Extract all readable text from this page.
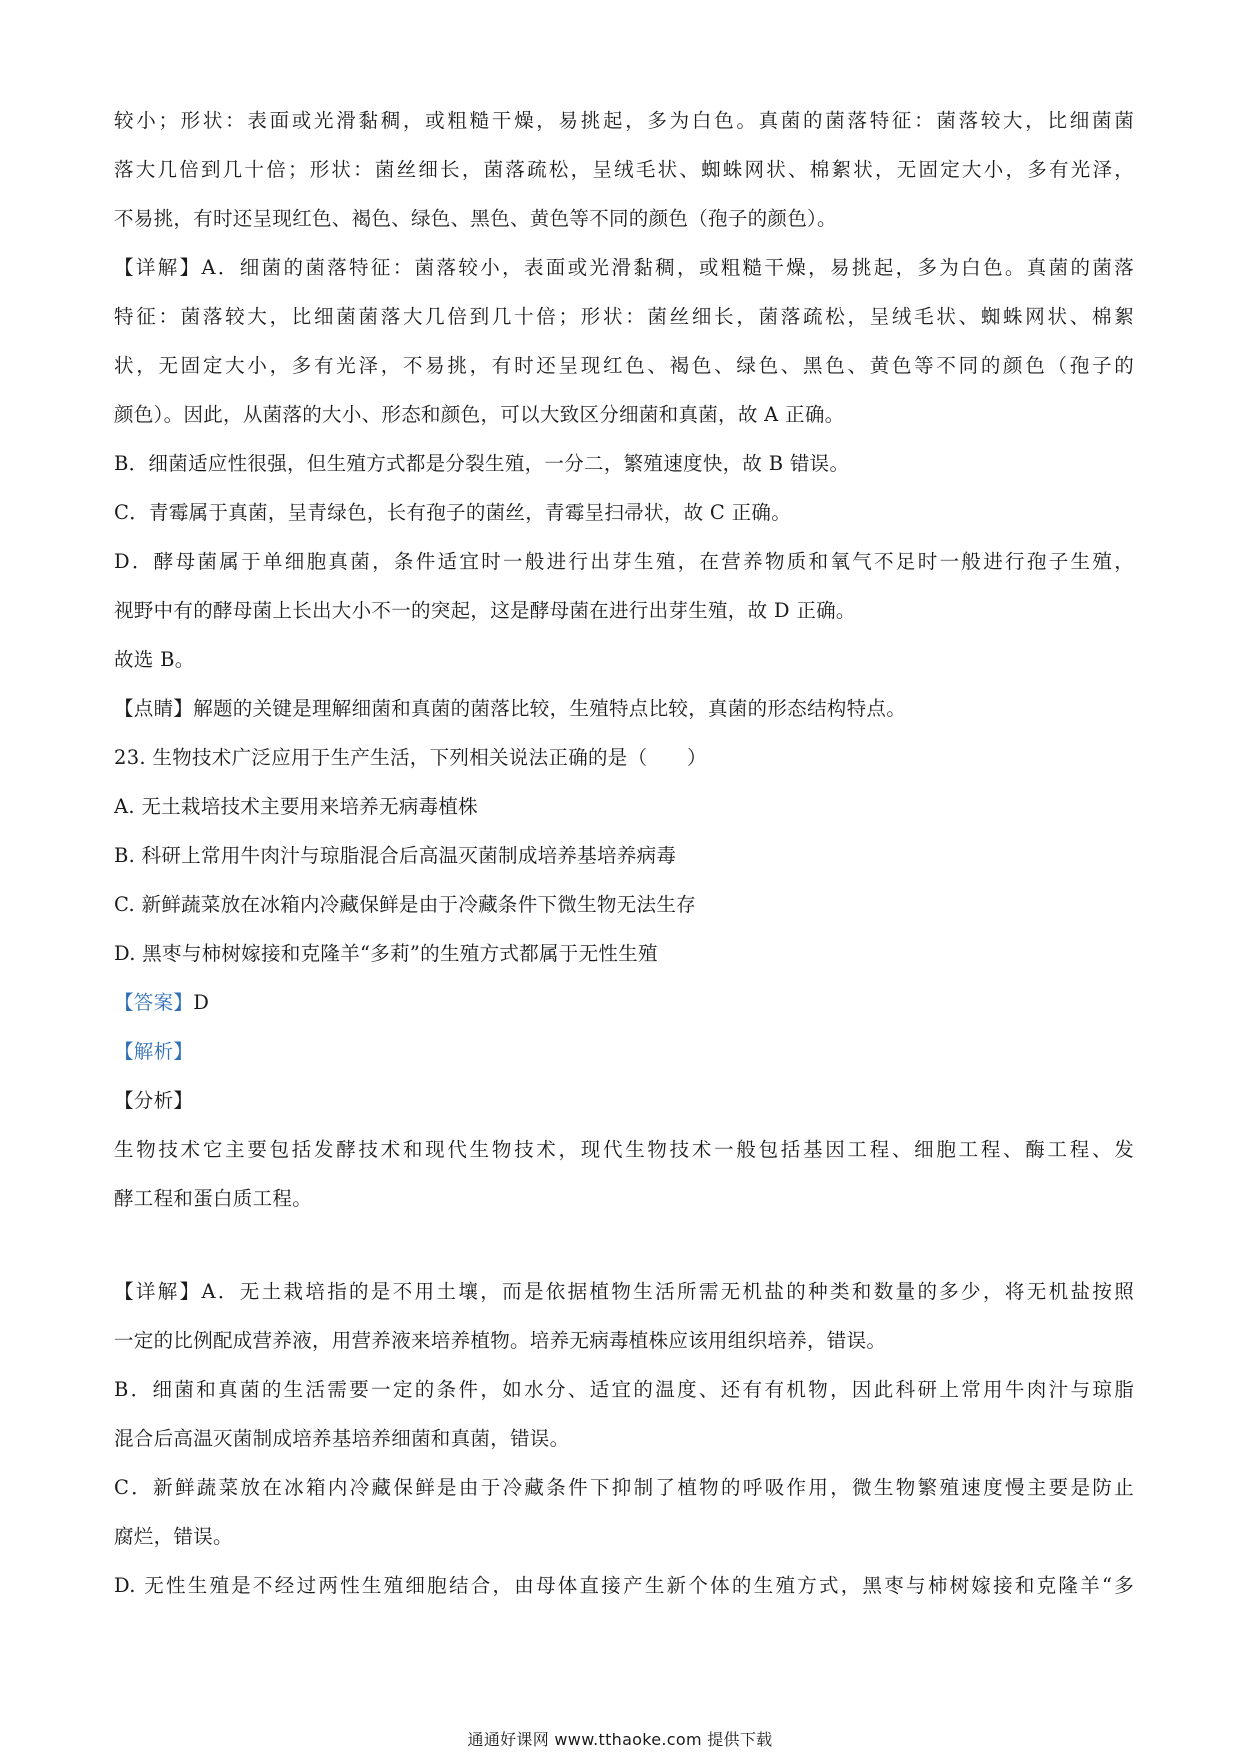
较小；形状：表面或光滑黏稠，或粗糙干燥，易挑起，多为白色。真菌的菌落特征：菌落较大，比细菌菌
落大几倍到几十倍；形状：菌丝细长，菌落疏松，呈绒毛状、蜘蛛网状、棉絮状，无固定大小，多有光泽，
不易挑，有时还呈现红色、褐色、绿色、黑色、黄色等不同的颜色（孢子的颜色）。
【详解】A．细菌的菌落特征：菌落较小，表面或光滑黏稠，或粗糙干燥，易挑起，多为白色。真菌的菌落
特征：菌落较大，比细菌菌落大几倍到几十倍；形状：菌丝细长，菌落疏松，呈绒毛状、蜘蛛网状、棉絮
状，无固定大小，多有光泽，不易挑，有时还呈现红色、褐色、绿色、黑色、黄色等不同的颜色（孢子的
颜色）。因此，从菌落的大小、形态和颜色，可以大致区分细菌和真菌，故 A 正确。
B．细菌适应性很强，但生殖方式都是分裂生殖，一分二，繁殖速度快，故 B 错误。
C．青霉属于真菌，呈青绿色，长有孢子的菌丝，青霉呈扫帚状，故 C 正确。
D．酵母菌属于单细胞真菌，条件适宜时一般进行出芽生殖，在营养物质和氧气不足时一般进行孢子生殖，
视野中有的酵母菌上长出大小不一的突起，这是酵母菌在进行出芽生殖，故 D 正确。
故选 B。
【点睛】解题的关键是理解细菌和真菌的菌落比较，生殖特点比较，真菌的形态结构特点。
23. 生物技术广泛应用于生产生活，下列相关说法正确的是（　　）
A. 无土栽培技术主要用来培养无病毒植株
B. 科研上常用牛肉汁与琼脂混合后高温灭菌制成培养基培养病毒
C. 新鲜蔬菜放在冰箱内冷藏保鲜是由于冷藏条件下微生物无法生存
D. 黑枣与柿树嫁接和克隆羊“多莉”的生殖方式都属于无性生殖
【答案】D
【解析】
【分析】
生物技术它主要包括发酵技术和现代生物技术，现代生物技术一般包括基因工程、细胞工程、酶工程、发
酵工程和蛋白质工程。
【详解】A．无土栽培指的是不用土壤，而是依据植物生活所需无机盐的种类和数量的多少，将无机盐按照
一定的比例配成营养液，用营养液来培养植物。培养无病毒植株应该用组织培养，错误。
B．细菌和真菌的生活需要一定的条件，如水分、适宜的温度、还有有机物，因此科研上常用牛肉汁与琼脂
混合后高温灭菌制成培养基培养细菌和真菌，错误。
C．新鲜蔬菜放在冰箱内冷藏保鲜是由于冷藏条件下抑制了植物的呼吸作用，微生物繁殖速度慢主要是防止
腐烂，错误。
D. 无性生殖是不经过两性生殖细胞结合，由母体直接产生新个体的生殖方式，黑枣与柿树嫁接和克隆羊“多
通通好课网 www.tthaoke.com 提供下载
